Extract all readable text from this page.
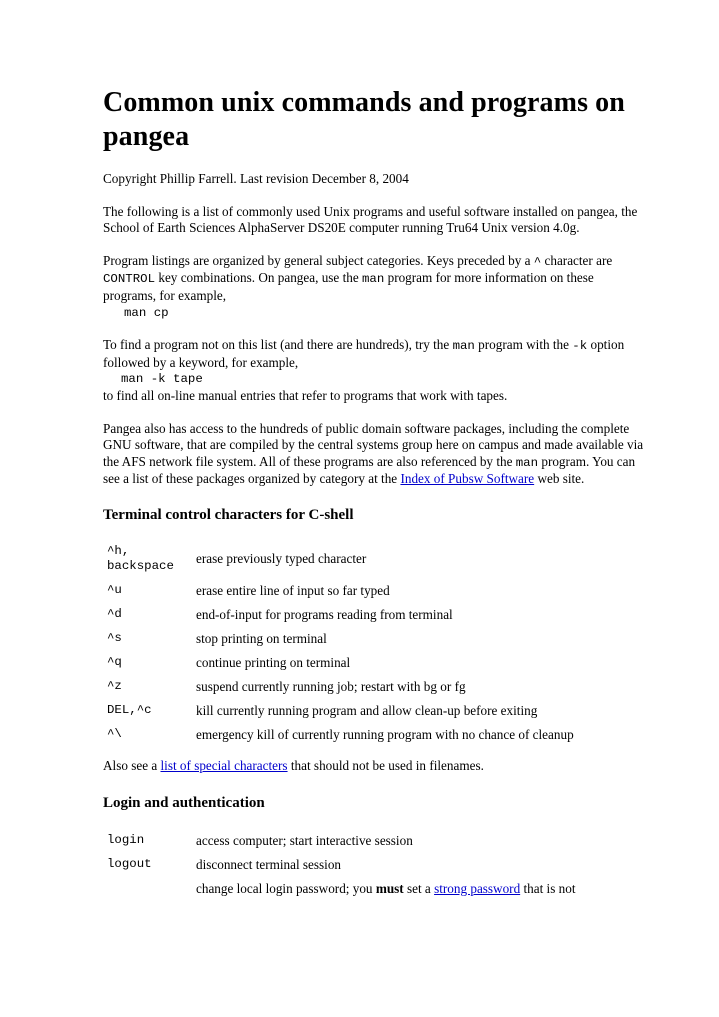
Common unix commands and programs on pangea

Copyright Phillip Farrell. Last revision December 8, 2004

The following is a list of commonly used Unix programs and useful software installed on pangea, the School of Earth Sciences AlphaServer DS20E computer running Tru64 Unix version 4.0g.

Program listings are organized by general subject categories. Keys preceded by a ^ character are CONTROL key combinations. On pangea, use the man program for more information on these programs, for example,
man cp

To find a program not on this list (and there are hundreds), try the man program with the -k option followed by a keyword, for example,
man -k tape
to find all on-line manual entries that refer to programs that work with tapes.

Pangea also has access to the hundreds of public domain software packages, including the complete GNU software, that are compiled by the central systems group here on campus and made available via the AFS network file system. All of these programs are also referenced by the man program. You can see a list of these packages organized by category at the Index of Pubsw Software web site.

Terminal control characters for C-shell
^h, backspace	erase previously typed character
^u	erase entire line of input so far typed
^d	end-of-input for programs reading from terminal
^s	stop printing on terminal
^q	continue printing on terminal
^z	suspend currently running job; restart with bg or fg
DEL,^c	kill currently running program and allow clean-up before exiting
^\	emergency kill of currently running program with no chance of cleanup

Also see a list of special characters that should not be used in filenames.

Login and authentication
login	access computer; start interactive session
logout	disconnect terminal session
	change local login password; you must set a strong password that is not
